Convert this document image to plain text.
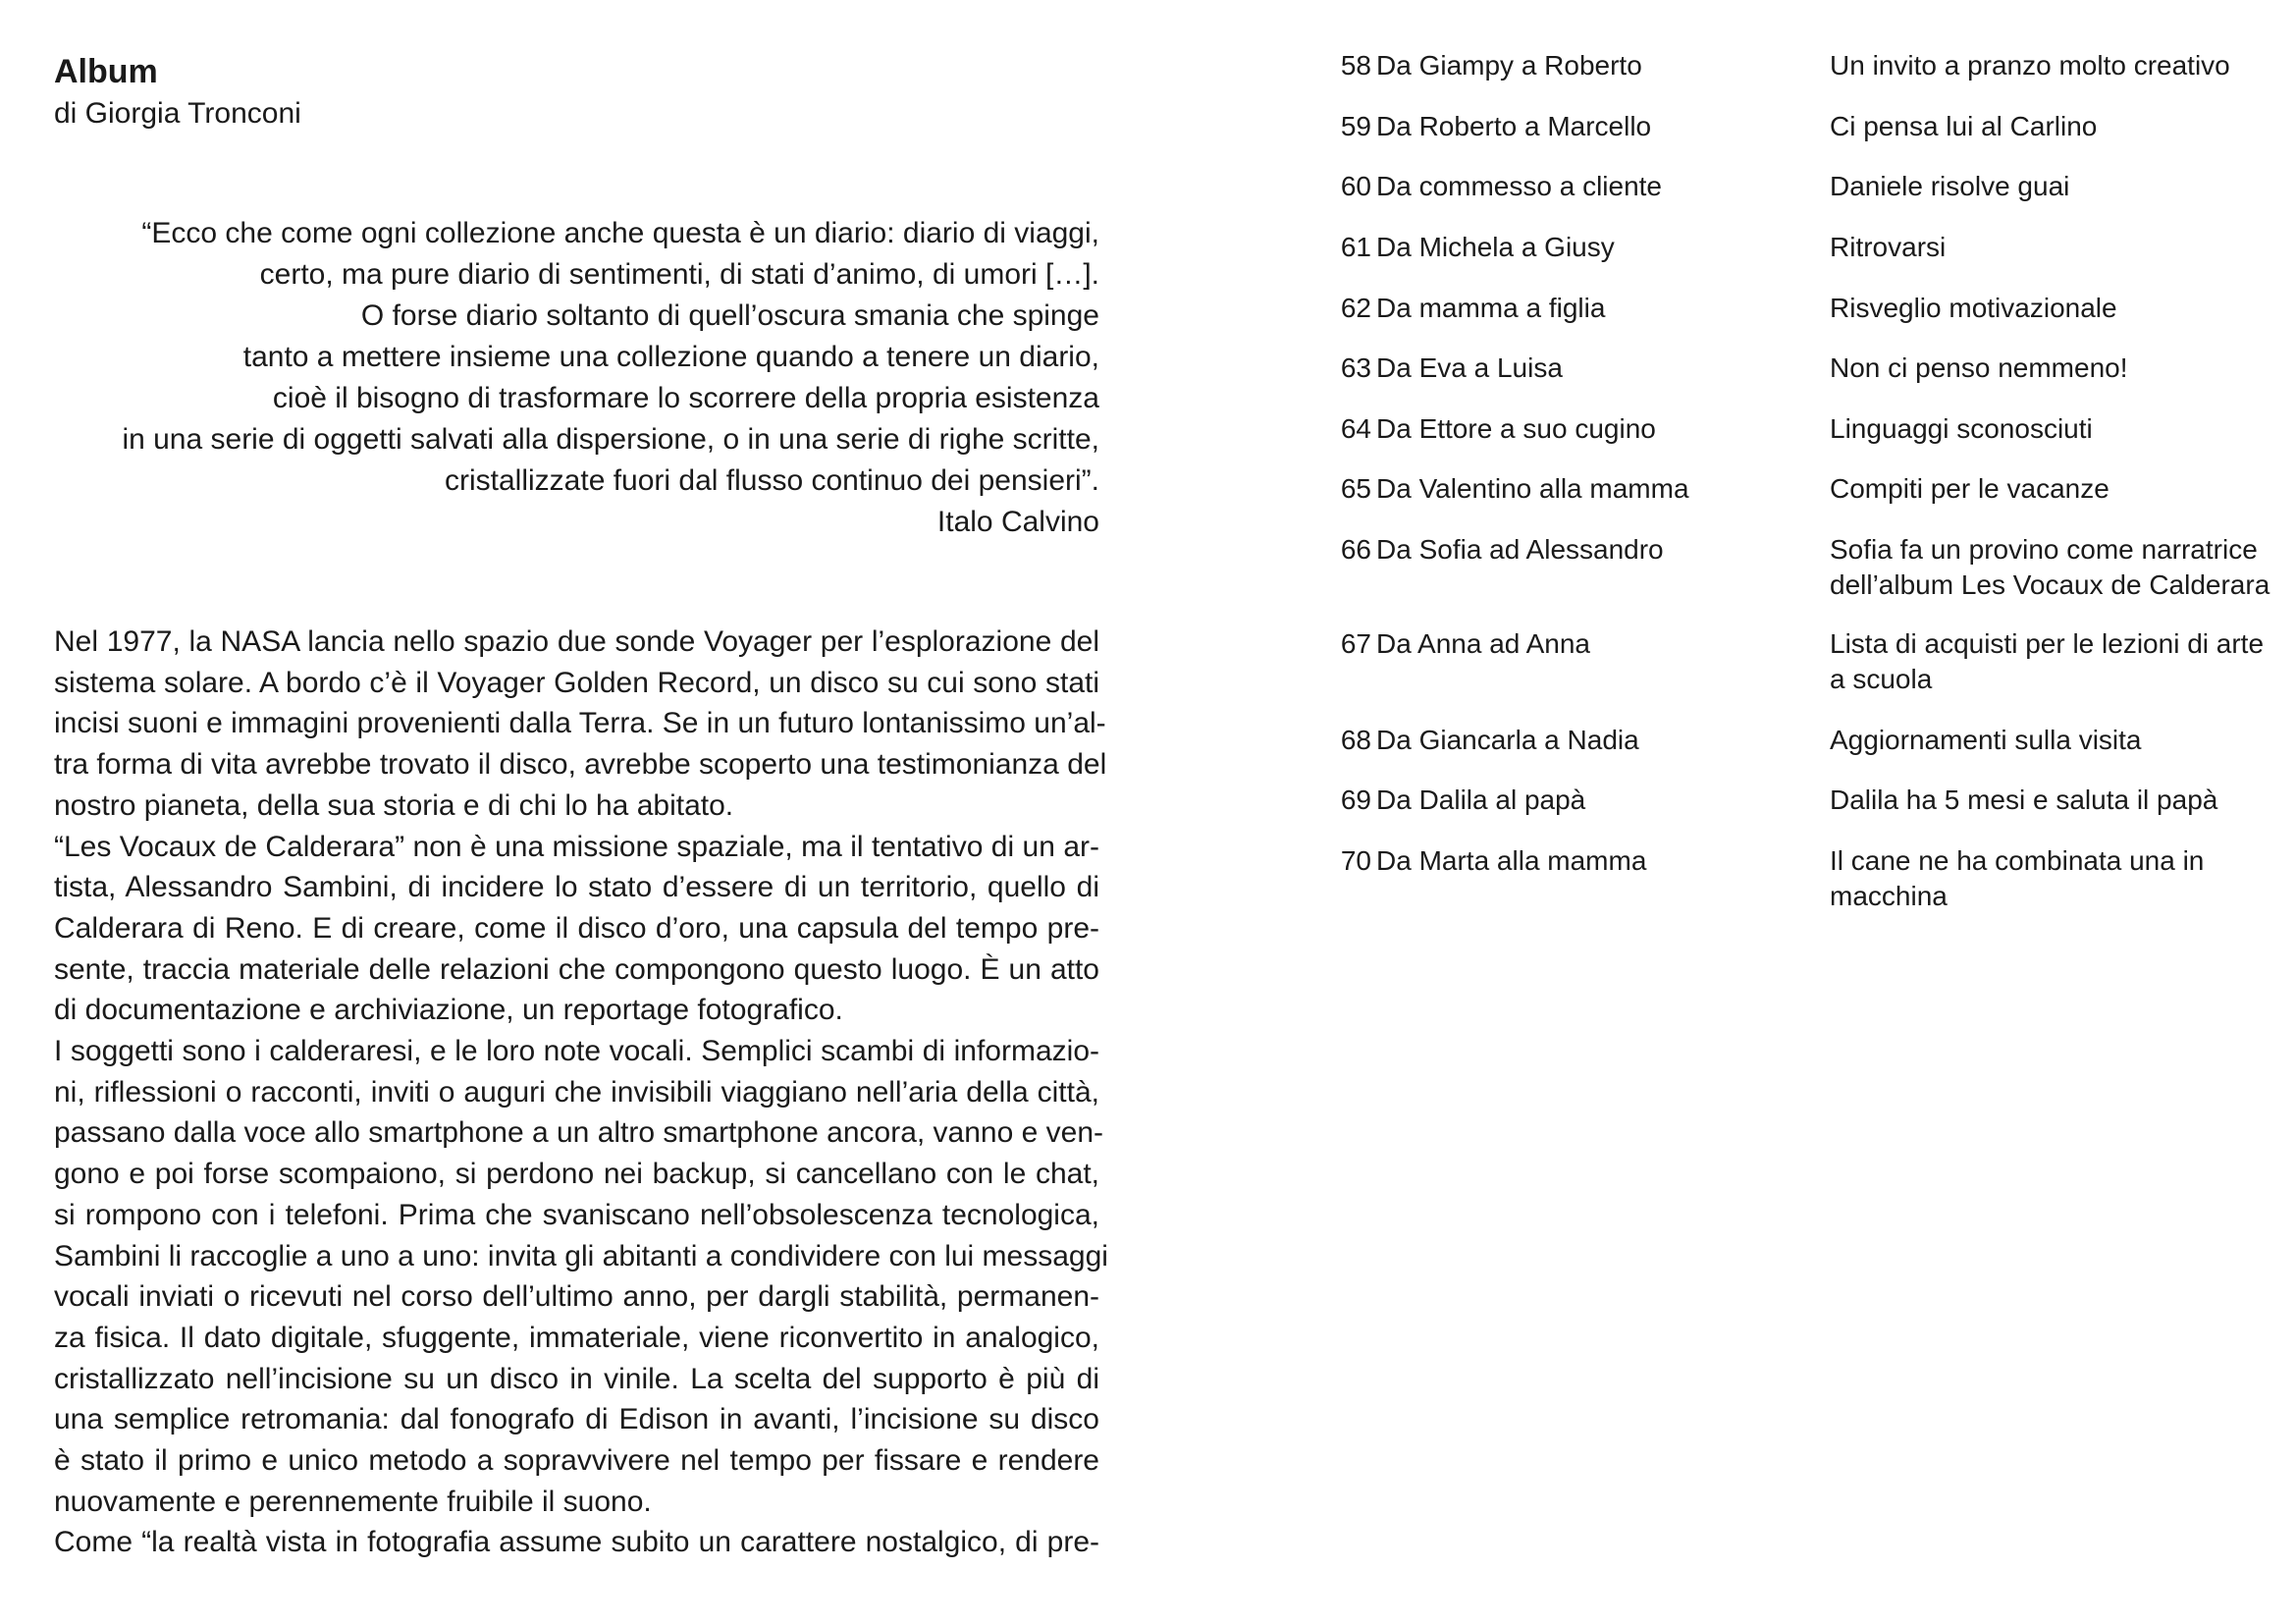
Album

di Giorgia Tronconi

“Ecco che come ogni collezione anche questa è un diario: diario di viaggi,
certo, ma pure diario di sentimenti, di stati d’animo, di umori […].
O forse diario soltanto di quell’oscura smania che spinge
tanto a mettere insieme una collezione quando a tenere un diario,
cioè il bisogno di trasformare lo scorrere della propria esistenza
in una serie di oggetti salvati alla dispersione, o in una serie di righe scritte,
cristallizzate fuori dal flusso continuo dei pensieri”.
Italo Calvino
Nel 1977, la NASA lancia nello spazio due sonde Voyager per l’esplorazione del
sistema solare. A bordo c’è il Voyager Golden Record, un disco su cui sono stati
incisi suoni e immagini provenienti dalla Terra. Se in un futuro lontanissimo un’al-
tra forma di vita avrebbe trovato il disco, avrebbe scoperto una testimonianza del
nostro pianeta, della sua storia e di chi lo ha abitato.
“Les Vocaux de Calderara” non è una missione spaziale, ma il tentativo di un ar-
tista, Alessandro Sambini, di incidere lo stato d’essere di un territorio, quello di
Calderara di Reno. E di creare, come il disco d’oro, una capsula del tempo pre-
sente, traccia materiale delle relazioni che compongono questo luogo. È un atto
di documentazione e archiviazione, un reportage fotografico.
I soggetti sono i calderaresi, e le loro note vocali. Semplici scambi di informazio-
ni, riflessioni o racconti, inviti o auguri che invisibili viaggiano nell’aria della città,
passano dalla voce allo smartphone a un altro smartphone ancora, vanno e ven-
gono e poi forse scompaiono, si perdono nei backup, si cancellano con le chat,
si rompono con i telefoni. Prima che svaniscano nell’obsolescenza tecnologica,
Sambini li raccoglie a uno a uno: invita gli abitanti a condividere con lui messaggi
vocali inviati o ricevuti nel corso dell’ultimo anno, per dargli stabilità, permanen-
za fisica. Il dato digitale, sfuggente, immateriale, viene riconvertito in analogico,
cristallizzato nell’incisione su un disco in vinile. La scelta del supporto è più di
una semplice retromania: dal fonografo di Edison in avanti, l’incisione su disco
è stato il primo e unico metodo a sopravvivere nel tempo per fissare e rendere
nuovamente e perennemente fruibile il suono.
Come “la realtà vista in fotografia assume subito un carattere nostalgico, di pre-
58 Da Giampy a Roberto	Un invito a pranzo molto creativo
59 Da Roberto a Marcello	Ci pensa lui al Carlino
60 Da commesso a cliente	Daniele risolve guai
61 Da Michela a Giusy	Ritrovarsi
62 Da mamma a figlia	Risveglio motivazionale
63 Da Eva a Luisa	Non ci penso nemmeno!
64 Da Ettore a suo cugino	Linguaggi sconosciuti
65 Da Valentino alla mamma	Compiti per le vacanze
66 Da Sofia ad Alessandro	Sofia fa un provino come narratrice
dell’album Les Vocaux de Calderara
67 Da Anna ad Anna	Lista di acquisti per le lezioni di arte
a scuola
68 Da Giancarla a Nadia	Aggiornamenti sulla visita
69 Da Dalila al papà	Dalila ha 5 mesi e saluta il papà
70 Da Marta alla mamma	Il cane ne ha combinata una in
macchina
